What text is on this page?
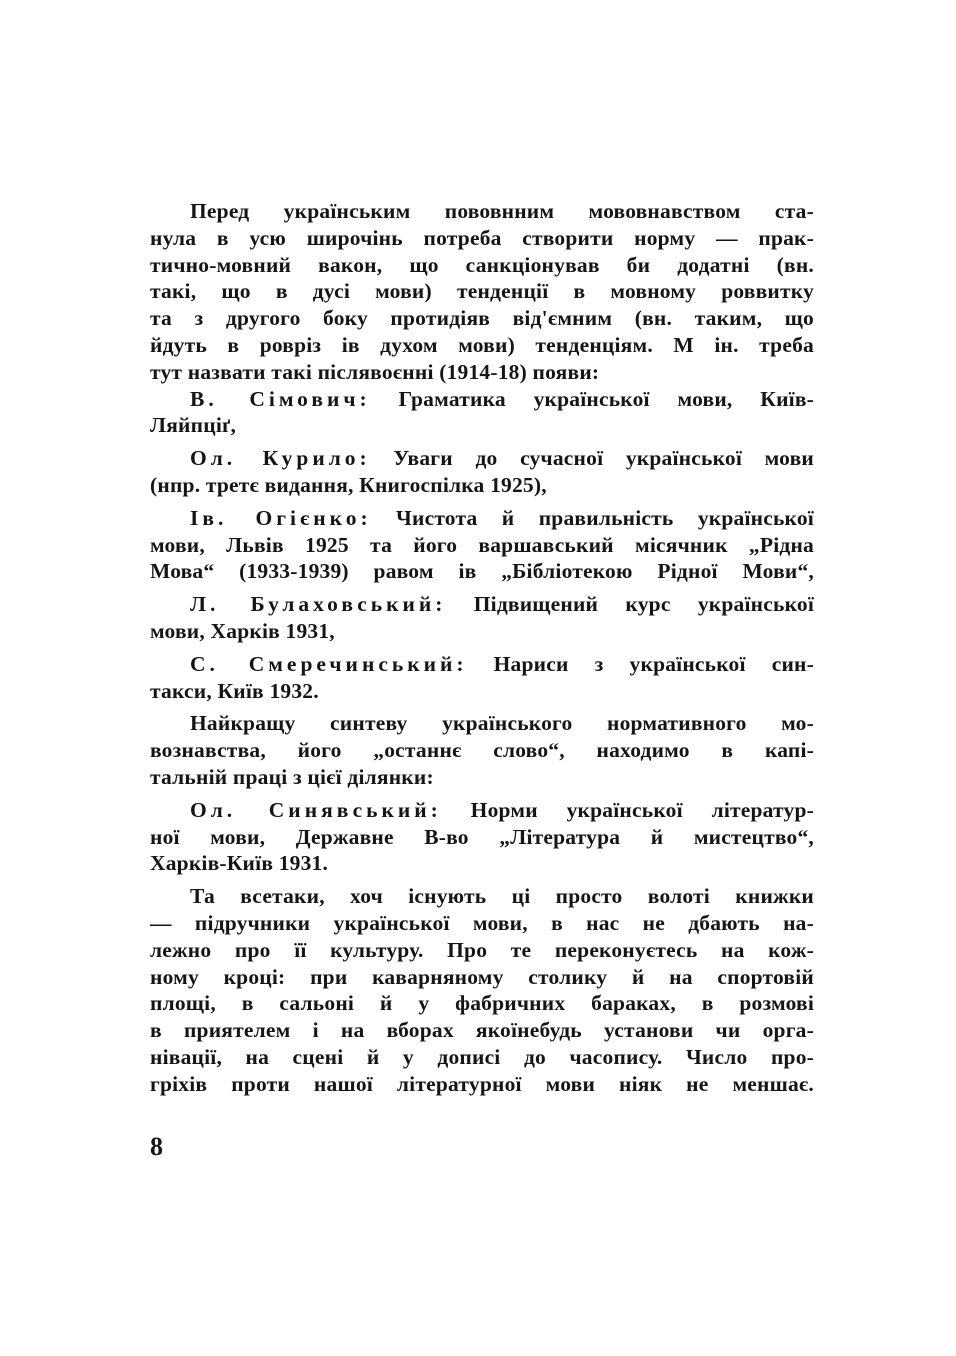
Перед українським пововнним мововнавством ста-
нула в усю широчінь потреба створити норму — прак-
тично-мовний вакон, що санкціонував би додатні (вн.
такі, що в дусі мови) тенденції в мовному роввитку
та з другого боку протидіяв від'ємним (вн. таким, що
йдуть в ровріз ів духом мови) тенденціям. М ін. треба
тут назвати такі післявоєнні (1914-18) появи:
В. Сімович: Граматика української мови, Київ-
Ляйпціґ,
Ол. Курило: Уваги до сучасної української мови
(нпр. третє видання, Книгоспілка 1925),
Ів. Огієнко: Чистота й правильність української
мови, Львів 1925 та його варшавський місячник „Рідна
Мова“ (1933-1939) равом ів „Бібліотекою Рідної Мови“,
Л. Булаховський: Підвищений курс української
мови, Харків 1931,
С. Смеречинський: Нариси з української син-
такси, Київ 1932.
Найкращу синтеву українського нормативного мо-
вознавства, його „останнє слово“, находимо в капі-
тальній праці з цієї ділянки:
Ол. Синявський: Норми української літератур-
ної мови, Державне В-во „Література й мистецтво“,
Харків-Київ 1931.
Та всетаки, хоч існують ці просто волоті книжки
— підручники української мови, в нас не дбають на-
лежно про її культуру. Про те переконуєтесь на кож-
ному кроці: при каварняному столику й на спортовій
площі, в сальоні й у фабричних бараках, в розмові
в приятелем і на вборах якоїнебудь установи чи орга-
нівації, на сцені й у дописі до часопису. Число про-
гріхів проти нашої літературної мови ніяк не меншає.
8
